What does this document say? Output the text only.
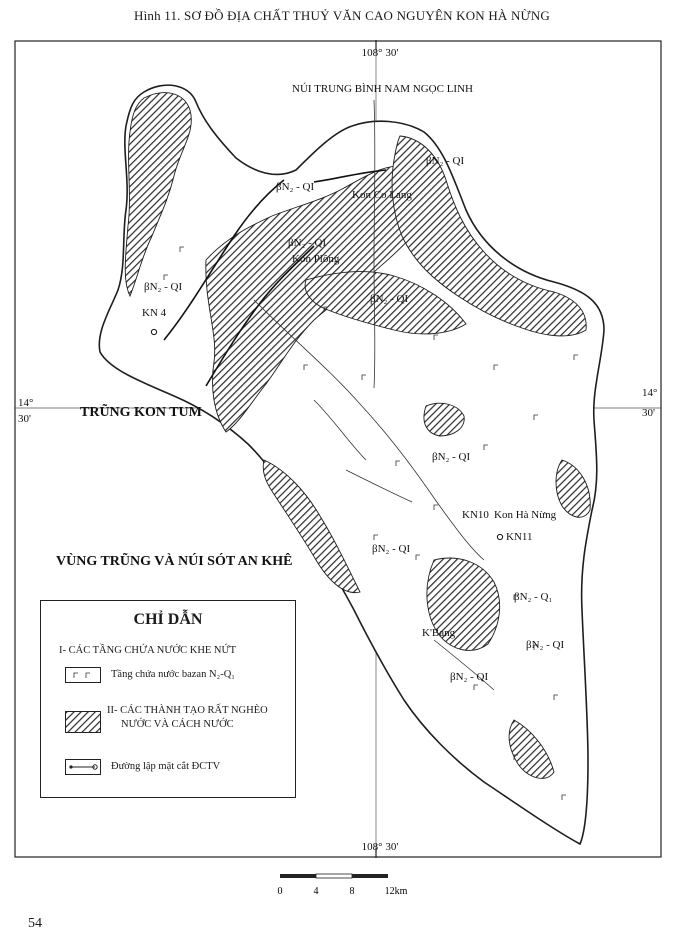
Hình 11. SƠ ĐỒ ĐỊA CHẤT THUỶ VĂN CAO NGUYÊN KON HÀ NỪNG
108° 30'
108° 30'
14°
30'
14°
30'
NÚI TRUNG BÌNH NAM NGỌC LINH
TRŨNG KON TUM
VÙNG TRŨNG VÀ NÚI SÓT AN KHÊ
Kon Co Lang
Kon Plông
Kon Hà Nừng
K'Bang
KN 4
KN10
KN11
βN₂ - QI
βN₂ - QI
βN₂ - QI
βN₂ - QI
βN₂ - QI
βN₂ - QI
βN₂ - QI
βN₂ - Q₁
βN₂ - QI
βN₂ - QI
CHỈ DẪN
I- CÁC TẦNG CHỨA NƯỚC KHE NỨT
Tầng chứa nước bazan N₂-Q₁
II- CÁC THÀNH TẠO RẤT NGHÈO
NƯỚC VÀ CÁCH NƯỚC
Đường lập mặt cắt ĐCTV
0	4	8	12km
54
